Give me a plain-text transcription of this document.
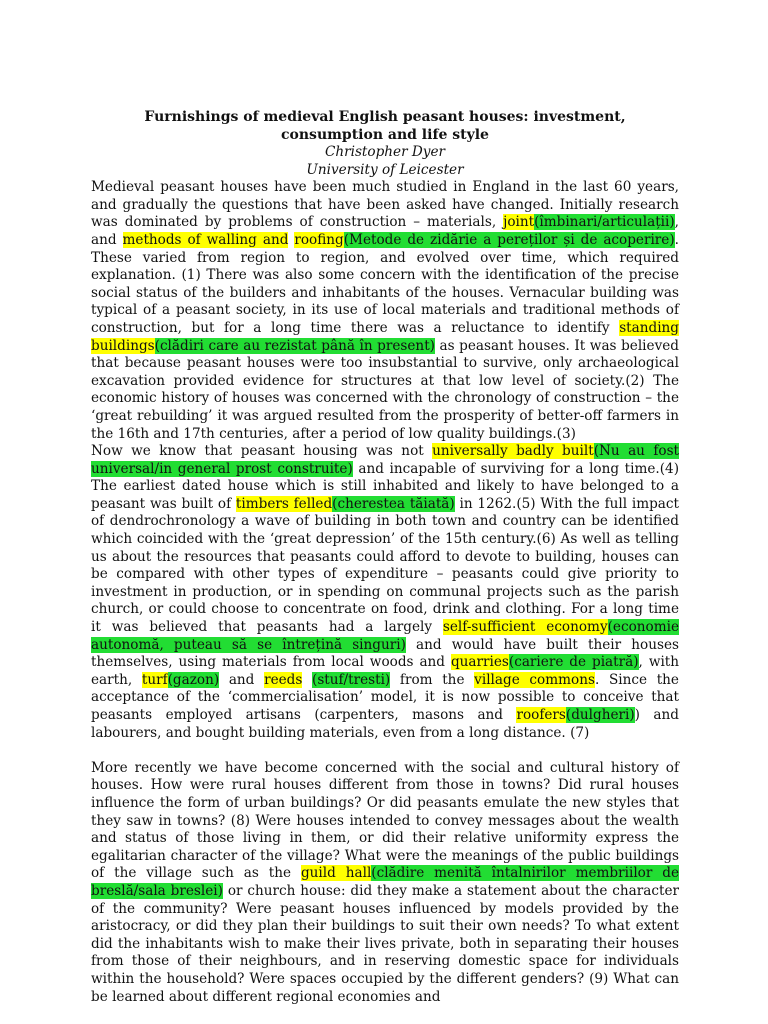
Furnishings of medieval English peasant houses: investment,
consumption and life style

Christopher Dyer

University of Leicester

Medieval peasant houses have been much studied in England in the last 60 years, and gradually the questions that have been asked have changed. Initially research was dominated by problems of construction – materials, joint(îmbinari/articulații), and methods of walling and roofing(Metode de zidărie a pereților și de acoperire). These varied from region to region, and evolved over time, which required explanation. (1) There was also some concern with the identification of the precise social status of the builders and inhabitants of the houses. Vernacular building was typical of a peasant society, in its use of local materials and traditional methods of construction, but for a long time there was a reluctance to identify standing buildings(clădiri care au rezistat până în present) as peasant houses. It was believed that because peasant houses were too insubstantial to survive, only archaeological excavation provided evidence for structures at that low level of society.(2) The economic history of houses was concerned with the chronology of construction – the ‘great rebuilding’ it was argued resulted from the prosperity of better-off farmers in the 16th and 17th centuries, after a period of low quality buildings.(3)

Now we know that peasant housing was not universally badly built(Nu au fost universal/in general prost construite) and incapable of surviving for a long time.(4) The earliest dated house which is still inhabited and likely to have belonged to a peasant was built of timbers felled(cherestea tăiată) in 1262.(5) With the full impact of dendrochronology a wave of building in both town and country can be identified which coincided with the ‘great depression’ of the 15th century.(6) As well as telling us about the resources that peasants could afford to devote to building, houses can be compared with other types of expenditure – peasants could give priority to investment in production, or in spending on communal projects such as the parish church, or could choose to concentrate on food, drink and clothing. For a long time it was believed that peasants had a largely self-sufficient economy(economie autonomă, puteau să se întrețină singuri) and would have built their houses themselves, using materials from local woods and quarries(cariere de piatră), with earth, turf(gazon) and reeds (stuf/tresti) from the village commons. Since the acceptance of the ‘commercialisation’ model, it is now possible to conceive that peasants employed artisans (carpenters, masons and roofers(dulgheri)) and labourers, and bought building materials, even from a long distance. (7)

More recently we have become concerned with the social and cultural history of houses. How were rural houses different from those in towns? Did rural houses influence the form of urban buildings? Or did peasants emulate the new styles that they saw in towns? (8) Were houses intended to convey messages about the wealth and status of those living in them, or did their relative uniformity express the egalitarian character of the village? What were the meanings of the public buildings of the village such as the guild hall(clădire menită întalnirilor membriilor de breslă/sala breslei) or church house: did they make a statement about the character of the community? Were peasant houses influenced by models provided by the aristocracy, or did they plan their buildings to suit their own needs? To what extent did the inhabitants wish to make their lives private, both in separating their houses from those of their neighbours, and in reserving domestic space for individuals within the household? Were spaces occupied by the different genders? (9) What can be learned about different regional economies and
